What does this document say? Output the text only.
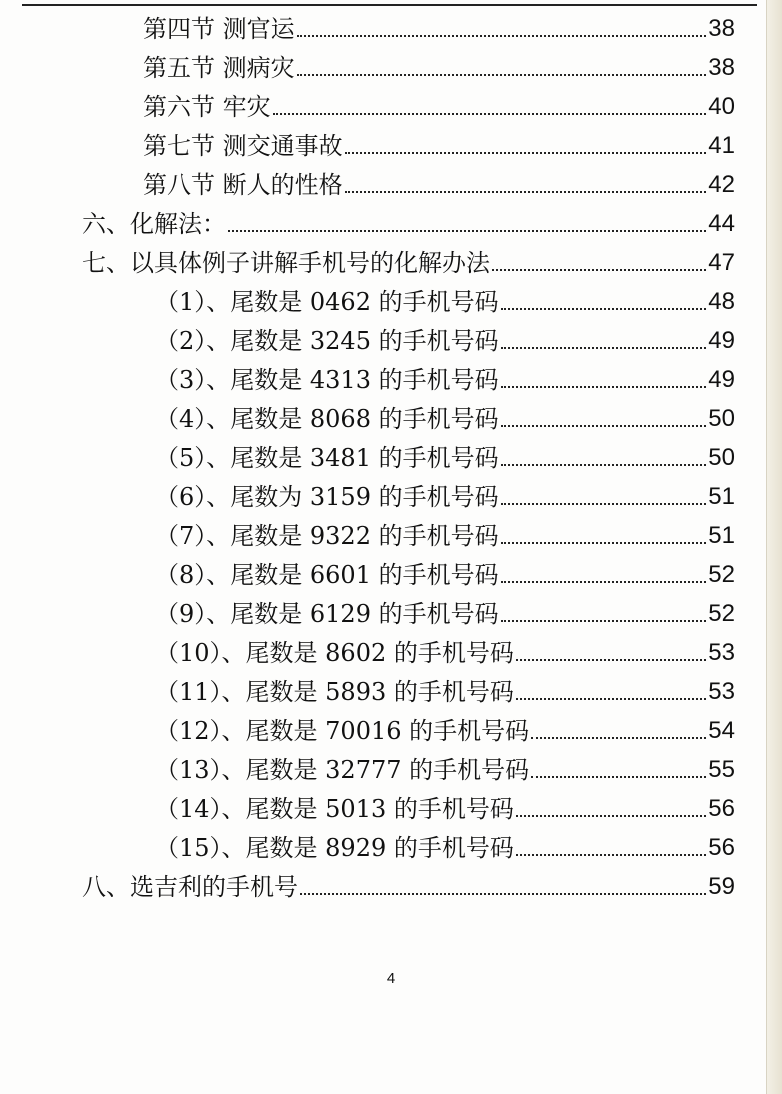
第四节 测官运	38
第五节 测病灾	38
第六节 牢灾	40
第七节 测交通事故	41
第八节 断人的性格	42
六、化解法：	44
七、以具体例子讲解手机号的化解办法	47
（1）、尾数是 0462 的手机号码	48
（2）、尾数是 3245 的手机号码	49
（3）、尾数是 4313 的手机号码	49
（4）、尾数是 8068 的手机号码	50
（5）、尾数是 3481 的手机号码	50
（6）、尾数为 3159 的手机号码	51
（7）、尾数是 9322 的手机号码	51
（8）、尾数是 6601 的手机号码	52
（9）、尾数是 6129 的手机号码	52
（10）、尾数是 8602 的手机号码	53
（11）、尾数是 5893 的手机号码	53
（12）、尾数是 70016 的手机号码	54
（13）、尾数是 32777 的手机号码	55
（14）、尾数是 5013 的手机号码	56
（15）、尾数是 8929 的手机号码	56
八、选吉利的手机号	59
4
